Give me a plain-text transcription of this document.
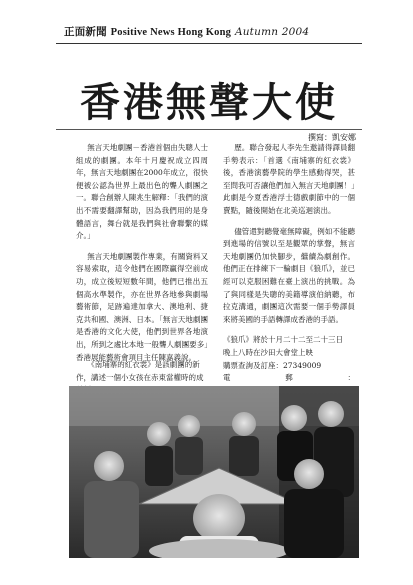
正面新聞 Positive News Hong Kong Autumn 2004
香港無聲大使
撰寫：凱安娜

無言天地劇團－香港首個由失聰人士組成的劇團。本年十月慶祝成立四周年，無言天地劇團在2000年成立，很快便被公認為世界上最出色的聾人劇團之一。聯合創辦人陳兆生解釋：「我們的演出不需要翻譯幫助，因為我們用的是身體語言，舞台就是我們與社會聯繫的媒介。」

無言天地劇團製作專業，有關資料又容易索取，這令他們在國際贏得空前成功，成立後短短數年間，他們已推出五個高水準製作，亦在世界各地參與劇場藝術節，足跡遍達加拿大、澳地利、捷克共和國、澳洲、日本。「無言天地劇團是香港的文化大使，他們到世界各地演出，所到之處比本地一般聾人劇團要多」香港展能藝術會項目主任陳嘉義說。

《南埔寨的紅衣裳》是該劇團的新作，講述一個小女孩在赤東當權時的成

歷。聯合發起人李先生邀請得譯員翻手勢表示：「首選《南埔寨的紅衣裳》後，香港演藝學院的學生感動得哭，甚至問我可否讓他們加入無言天地劇團！」此劇是今夏香港浮士德戲劇節中的一個賣點，隨後開始在北美巡迴演出。

儘管還對聽覺毫無障礙，例如不能聽到進場的信號以至是觀眾的掌聲，無言天地劇團仍加快腳步，繼續為劇創作。他們正在排練下一輪劇目《狼爪》，並已經可以克服困難在臺上演出的挑戰。為了與同樣是失聰的美籍導演伯納聽，布拉克溝通，劇團這次需要一個手勢譯員來將美國的手語轉譯成香港的手語。

《狼爪》將於十月二十二至二十三日
晚上八時在沙田大會堂上映
購票查詢及訂座：27349009
電郵：
